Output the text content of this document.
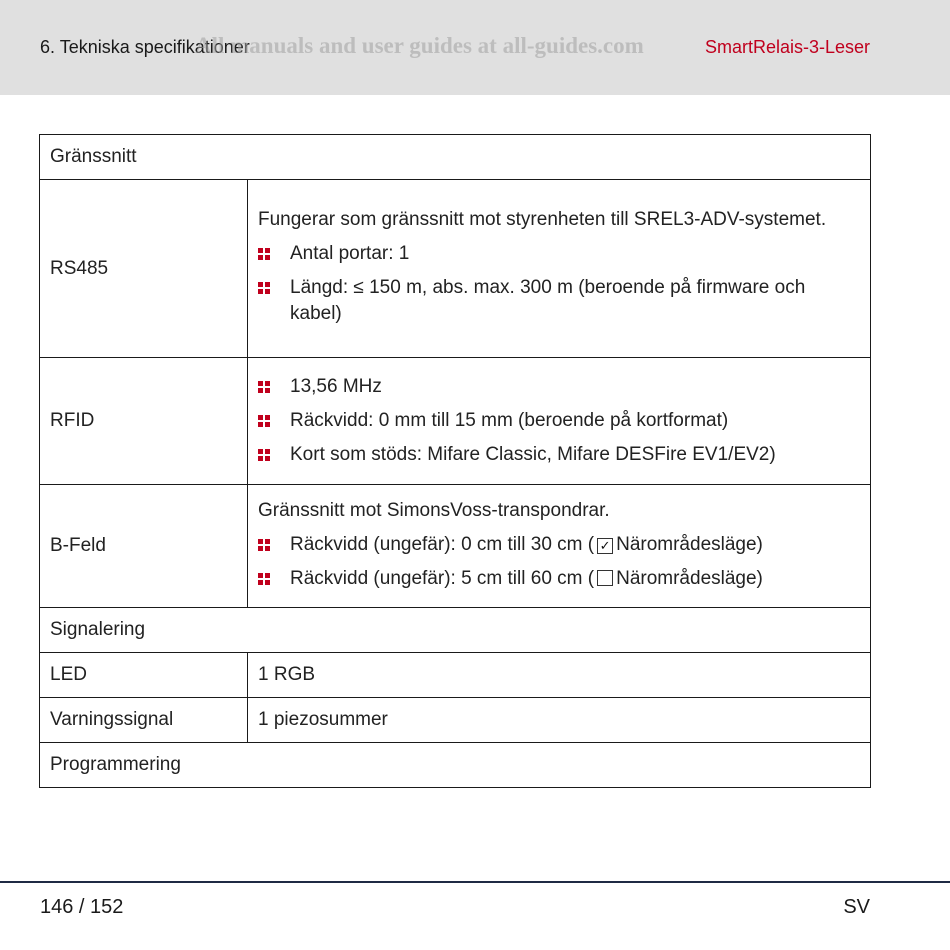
6. Tekniska specifikationer
All manuals and user guides at all-guides.com	SmartRelais-3-Leser
Gränssnitt	
RS485	Fungerar som gränssnitt mot styrenheten till SREL3-ADV-systemet.
Antal portar: 1
Längd: ≤ 150 m, abs. max. 300 m (beroende på firmware och kabel)

RFID	13,56 MHz
Räckvidd: 0 mm till 15 mm (beroende på kortformat)
Kort som stöds: Mifare Classic, Mifare DESFire EV1/EV2)

B-Feld	Gränssnitt mot SimonsVoss-transpondrar.
Räckvidd (ungefär): 0 cm till 30 cm ( ✓ Närområdesläge)
Räckvidd (ungefär): 5 cm till 60 cm ( Närområdesläge)

Signalering	
LED	1 RGB
Varningssignal	1 piezosummer
Programmering	
146 / 152	SV
